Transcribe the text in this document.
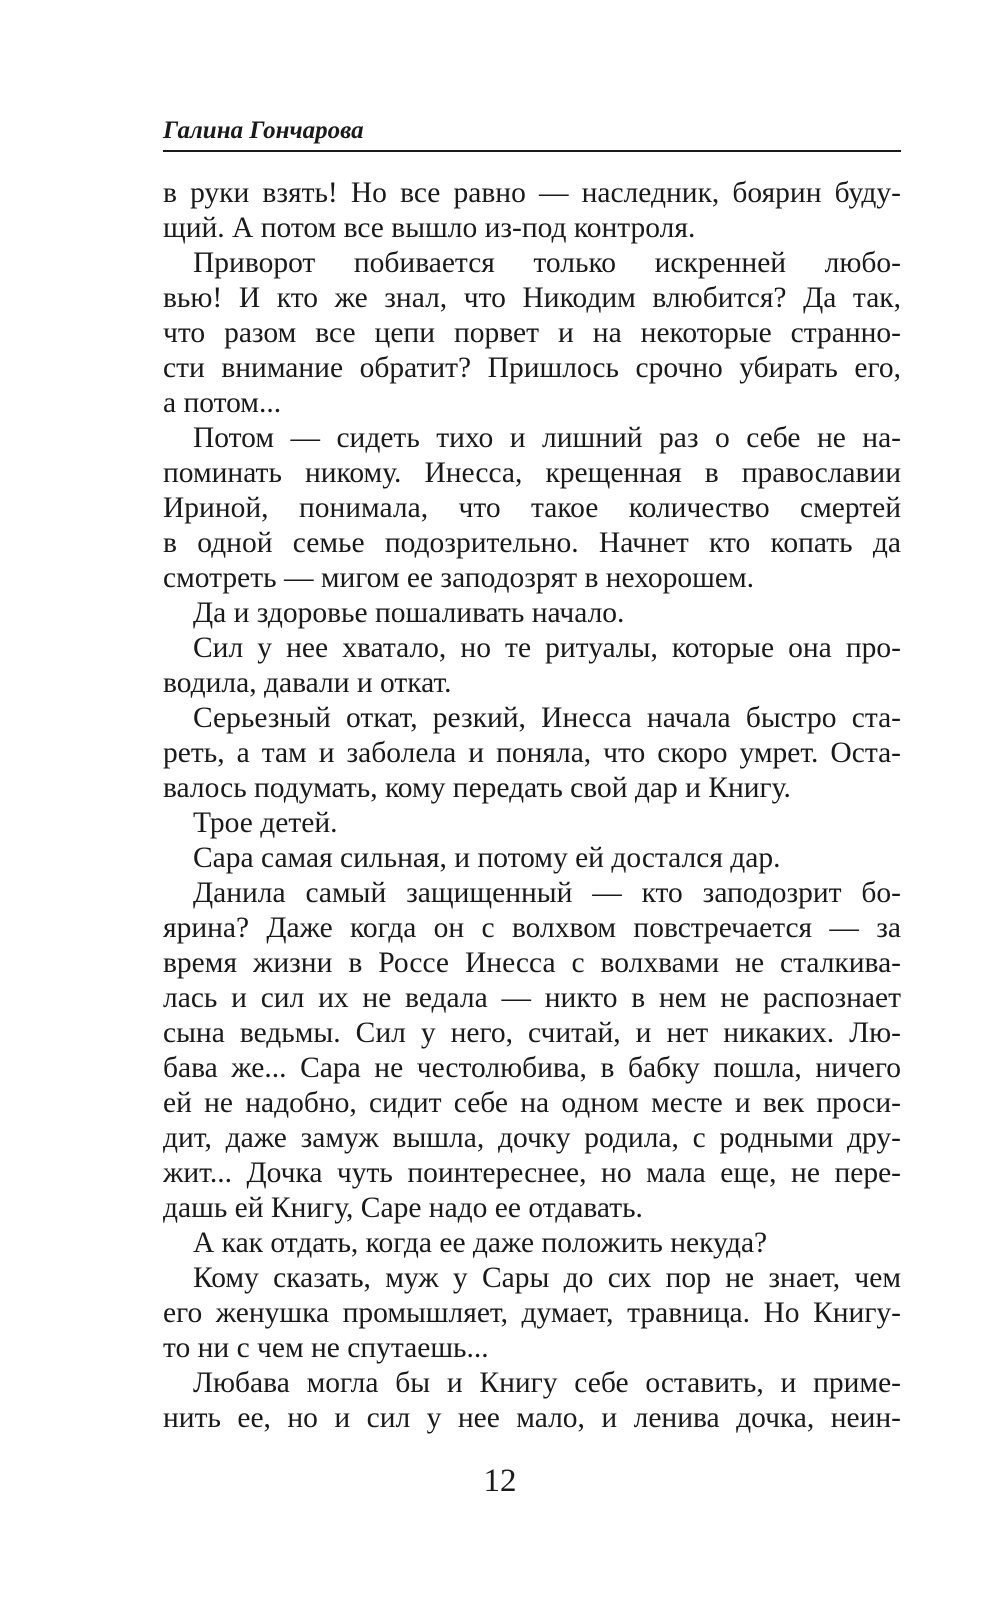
Галина Гончарова
в руки взять! Но все равно — наследник, боярин буду-
щий. А потом все вышло из-под контроля.
Приворот побивается только искренней любо-
вью! И кто же знал, что Никодим влюбится? Да так,
что разом все цепи порвет и на некоторые странно-
сти внимание обратит? Пришлось срочно убирать его,
а потом...
Потом — сидеть тихо и лишний раз о себе не на-
поминать никому. Инесса, крещенная в православии
Ириной, понимала, что такое количество смертей
в одной семье подозрительно. Начнет кто копать да
смотреть — мигом ее заподозрят в нехорошем.
Да и здоровье пошаливать начало.
Сил у нее хватало, но те ритуалы, которые она про-
водила, давали и откат.
Серьезный откат, резкий, Инесса начала быстро ста-
реть, а там и заболела и поняла, что скоро умрет. Оста-
валось подумать, кому передать свой дар и Книгу.
Трое детей.
Сара самая сильная, и потому ей достался дар.
Данила самый защищенный — кто заподозрит бо-
ярина? Даже когда он с волхвом повстречается — за
время жизни в Россе Инесса с волхвами не сталкива-
лась и сил их не ведала — никто в нем не распознает
сына ведьмы. Сил у него, считай, и нет никаких. Лю-
бава же... Сара не честолюбива, в бабку пошла, ничего
ей не надобно, сидит себе на одном месте и век проси-
дит, даже замуж вышла, дочку родила, с родными дру-
жит... Дочка чуть поинтереснее, но мала еще, не пере-
дашь ей Книгу, Саре надо ее отдавать.
А как отдать, когда ее даже положить некуда?
Кому сказать, муж у Сары до сих пор не знает, чем
его женушка промышляет, думает, травница. Но Книгу-
то ни с чем не спутаешь...
Любава могла бы и Книгу себе оставить, и приме-
нить ее, но и сил у нее мало, и ленива дочка, неин-
12
